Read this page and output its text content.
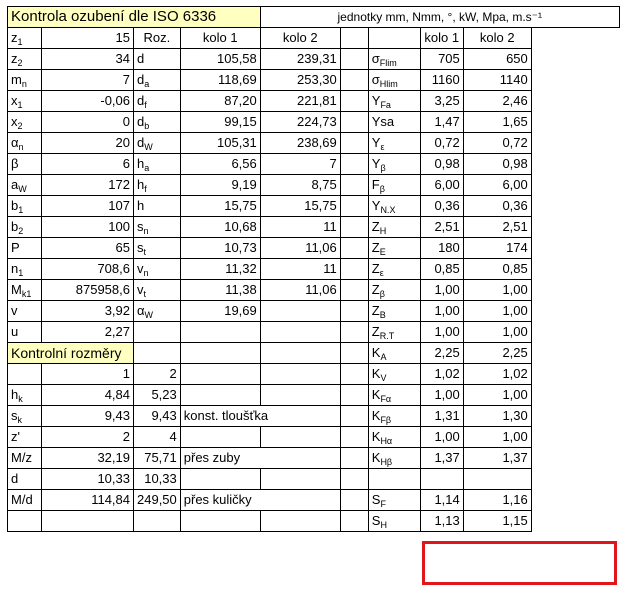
Kontrola ozubení dle ISO 6336				jednotky mm, Nmm, °, kW, Mpa, m.s⁻¹				
$z_1$	15	Roz.	kolo 1	kolo 2			kolo 1	kolo 2
$z_2$	34	d	105,58	239,31		$\sigma_{Flim}$	705	650
$m_n$	7	$d_a$	118,69	253,30		$\sigma_{Hlim}$	1160	1140
$x_1$	-0,06	$d_f$	87,20	221,81		$Y_{Fa}$	3,25	2,46
$x_2$	0	$d_b$	99,15	224,73		Ysa	1,47	1,65
$\alpha_n$	20	$d_W$	105,31	238,69		$Y_\varepsilon$	0,72	0,72
β	6	$h_a$	6,56	7		$Y_\beta$	0,98	0,98
$a_W$	172	$h_f$	9,19	8,75		$F_\beta$	6,00	6,00
$b_1$	107	h	15,75	15,75		$Y_{N.X}$	0,36	0,36
$b_2$	100	$s_n$	10,68	11		$Z_H$	2,51	2,51
P	65	$s_t$	10,73	11,06		$Z_E$	180	174
$n_1$	708,6	$v_n$	11,32	11		$Z_\varepsilon$	0,85	0,85
$M_{k1}$	875958,6	$v_t$	11,38	11,06		$Z_\beta$	1,00	1,00
v	3,92	$\alpha_W$	19,69			$Z_B$	1,00	1,00
u	2,27					$Z_{R.T}$	1,00	1,00
Kontrolní rozměry						$K_A$	2,25	2,25
	1	2				$K_V$	1,02	1,02
$h_k$	4,84	5,23				$K_{F\alpha}$	1,00	1,00
$s_k$	9,43	9,43	konst. tloušťka			$K_{F\beta}$	1,31	1,30
z'	2	4				$K_{H\alpha}$	1,00	1,00
M/z	32,19	75,71	přes zuby			$K_{H\beta}$	1,37	1,37
d	10,33	10,33						
M/d	114,84	249,50	přes kuličky			$S_F$	1,14	1,16
						$S_H$	1,13	1,15
